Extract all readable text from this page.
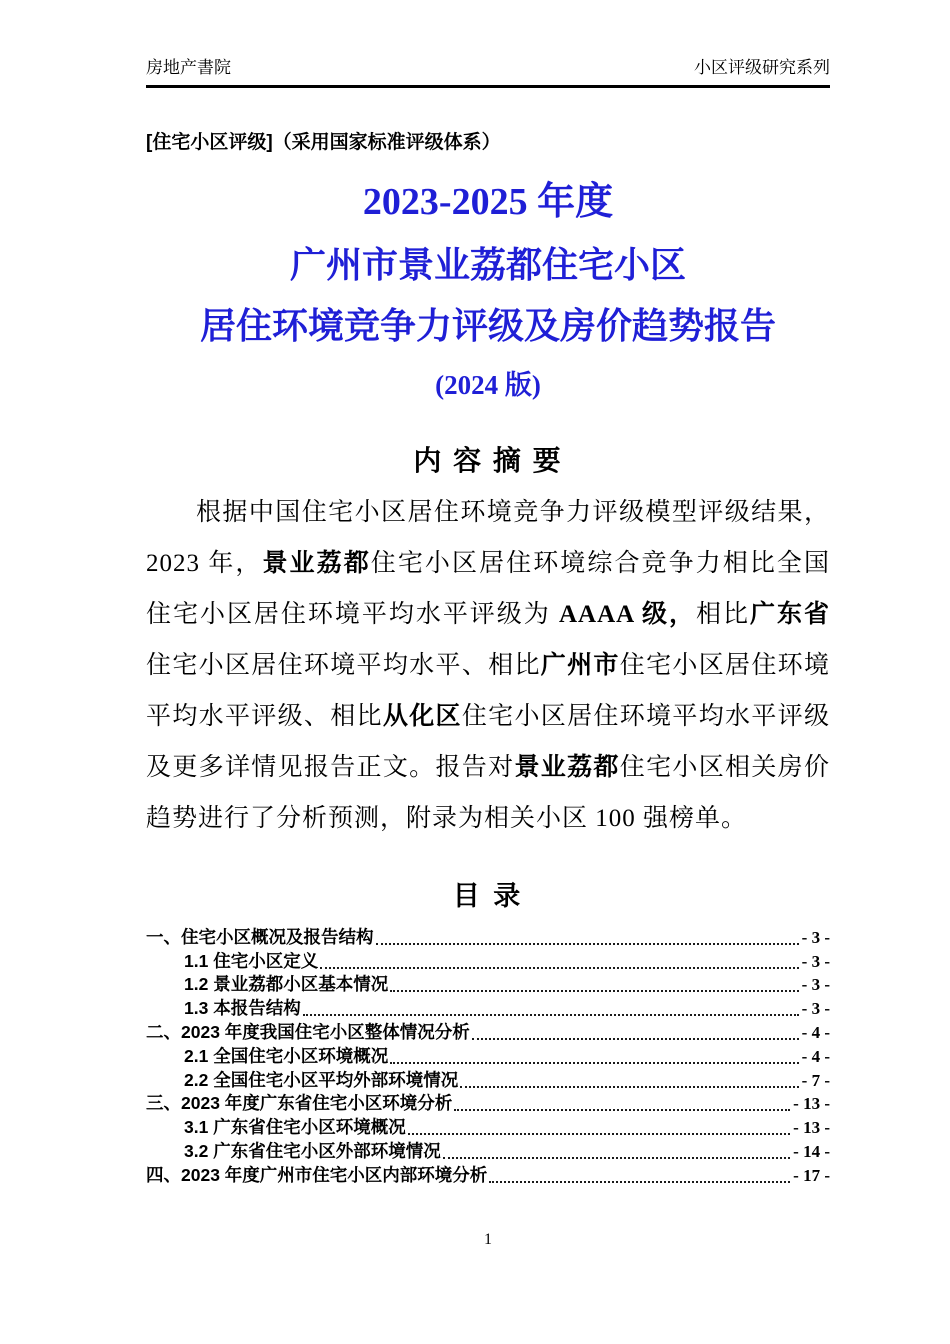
房地产書院	小区评级研究系列
[住宅小区评级]（采用国家标准评级体系）
2023-2025 年度
广州市景业荔都住宅小区
居住环境竞争力评级及房价趋势报告
(2024 版)
内 容 摘 要

根据中国住宅小区居住环境竞争力评级模型评级结果，2023 年，景业荔都住宅小区居住环境综合竞争力相比全国住宅小区居住环境平均水平评级为 AAAA 级，相比广东省住宅小区居住环境平均水平、相比广州市住宅小区居住环境平均水平评级、相比从化区住宅小区居住环境平均水平评级及更多详情见报告正文。报告对景业荔都住宅小区相关房价趋势进行了分析预测，附录为相关小区 100 强榜单。

目 录
一、住宅小区概况及报告结构	- 3 -
1.1 住宅小区定义	- 3 -
1.2 景业荔都小区基本情况	- 3 -
1.3 本报告结构	- 3 -
二、2023 年度我国住宅小区整体情况分析	- 4 -
2.1 全国住宅小区环境概况	- 4 -
2.2 全国住宅小区平均外部环境情况	- 7 -
三、2023 年度广东省住宅小区环境分析	- 13 -
3.1 广东省住宅小区环境概况	- 13 -
3.2 广东省住宅小区外部环境情况	- 14 -
四、2023 年度广州市住宅小区内部环境分析	- 17 -
1
